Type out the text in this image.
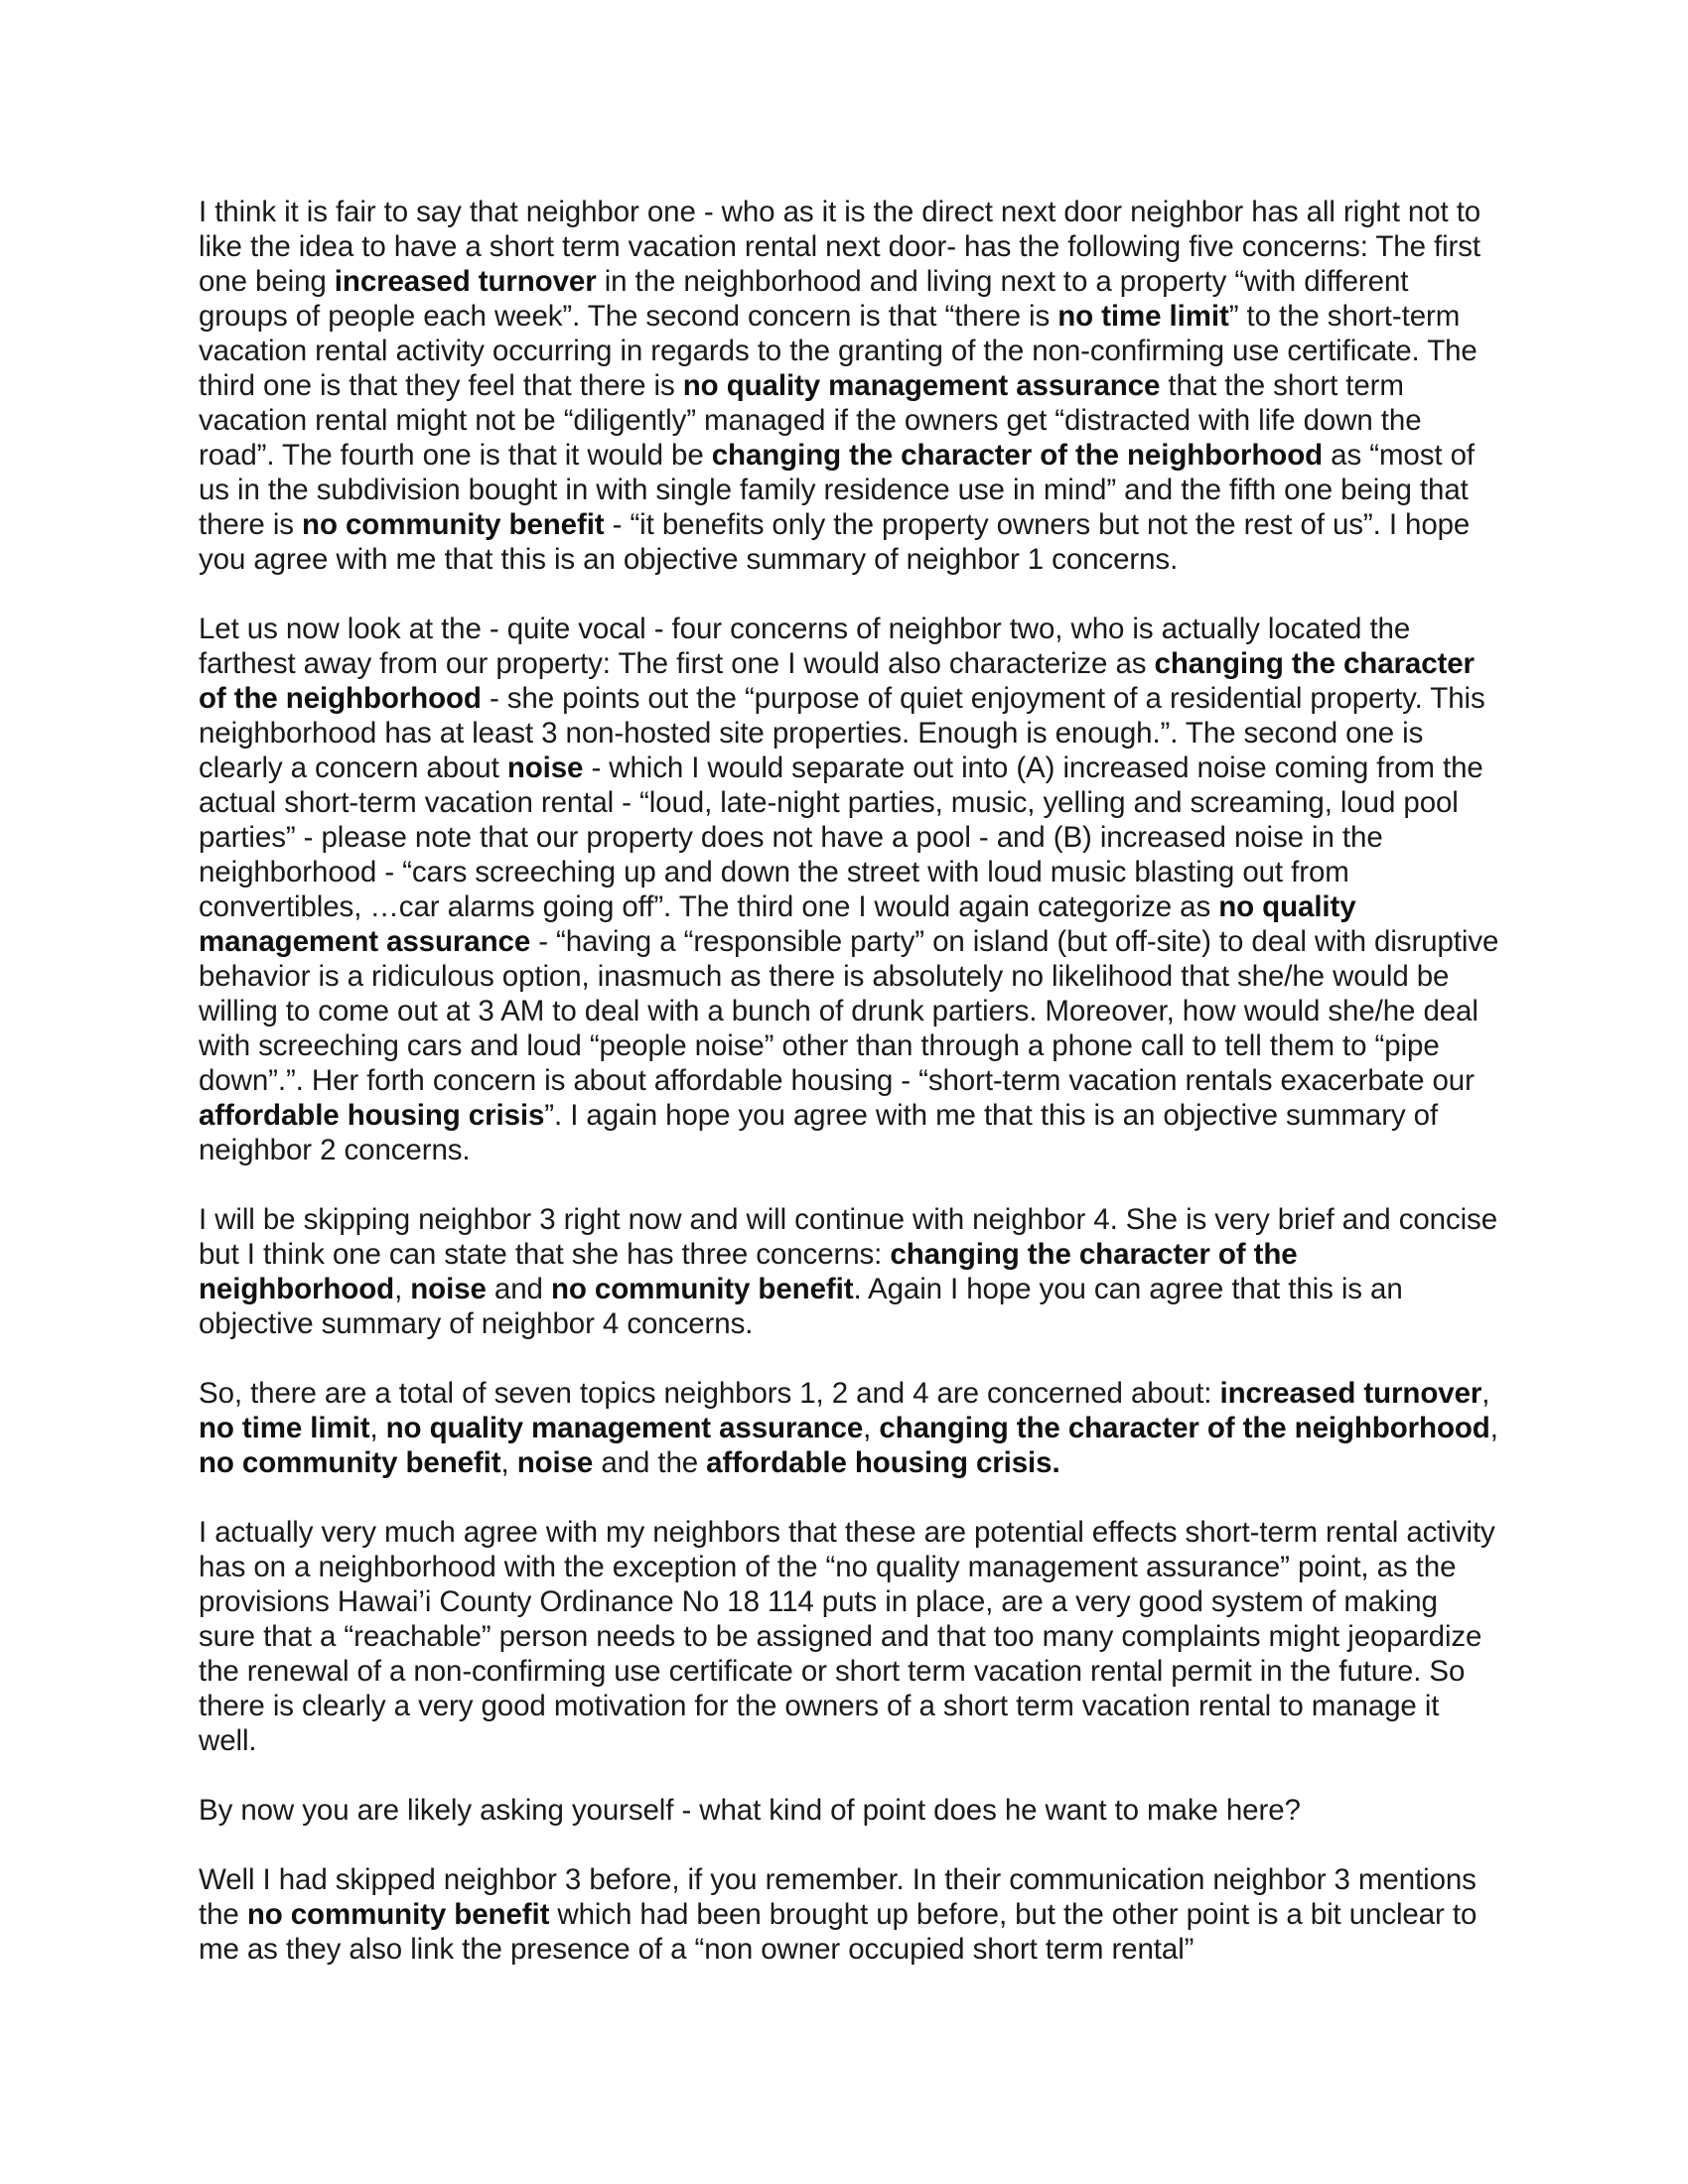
I think it is fair to say that neighbor one - who as it is the direct next door neighbor has all right not to like the idea to have a short term vacation rental next door- has the following five concerns: The first one being increased turnover in the neighborhood and living next to a property “with different groups of people each week”. The second concern is that “there is no time limit” to the short-term vacation rental activity occurring in regards to the granting of the non-confirming use certificate. The third one is that they feel that there is no quality management assurance that the short term vacation rental might not be “diligently” managed if the owners get “distracted with life down the road”. The fourth one is that it would be changing the character of the neighborhood as “most of us in the subdivision bought in with single family residence use in mind” and the fifth one being that there is no community benefit - “it benefits only the property owners but not the rest of us”. I hope you agree with me that this is an objective summary of neighbor 1 concerns.

Let us now look at the - quite vocal - four concerns of neighbor two, who is actually located the farthest away from our property: The first one I would also characterize as changing the character of the neighborhood - she points out the “purpose of quiet enjoyment of a residential property. This neighborhood has at least 3 non-hosted site properties. Enough is enough.”. The second one is clearly a concern about noise - which I would separate out into (A) increased noise coming from the actual short-term vacation rental - “loud, late-night parties, music, yelling and screaming, loud pool parties” - please note that our property does not have a pool - and (B) increased noise in the neighborhood - “cars screeching up and down the street with loud music blasting out from convertibles, …car alarms going off”. The third one I would again categorize as no quality management assurance - “having a “responsible party” on island (but off-site) to deal with disruptive behavior is a ridiculous option, inasmuch as there is absolutely no likelihood that she/he would be willing to come out at 3 AM to deal with a bunch of drunk partiers. Moreover, how would she/he deal with screeching cars and loud “people noise” other than through a phone call to tell them to “pipe down”.”. Her forth concern is about affordable housing - “short-term vacation rentals exacerbate our affordable housing crisis”. I again hope you agree with me that this is an objective summary of neighbor 2 concerns.

I will be skipping neighbor 3 right now and will continue with neighbor 4. She is very brief and concise but I think one can state that she has three concerns: changing the character of the neighborhood, noise and no community benefit. Again I hope you can agree that this is an objective summary of neighbor 4 concerns.

So, there are a total of seven topics neighbors 1, 2 and 4 are concerned about: increased turnover, no time limit, no quality management assurance, changing the character of the neighborhood, no community benefit, noise and the affordable housing crisis.

I actually very much agree with my neighbors that these are potential effects short-term rental activity has on a neighborhood with the exception of the “no quality management assurance” point, as the provisions Hawai’i County Ordinance No 18 114 puts in place, are a very good system of making sure that a “reachable” person needs to be assigned and that too many complaints might jeopardize the renewal of a non-confirming use certificate or short term vacation rental permit in the future. So there is clearly a very good motivation for the owners of a short term vacation rental to manage it well.

By now you are likely asking yourself - what kind of point does he want to make here?

Well I had skipped neighbor 3 before, if you remember. In their communication neighbor 3 mentions the no community benefit which had been brought up before, but the other point is a bit unclear to me as they also link the presence of a “non owner occupied short term rental”
